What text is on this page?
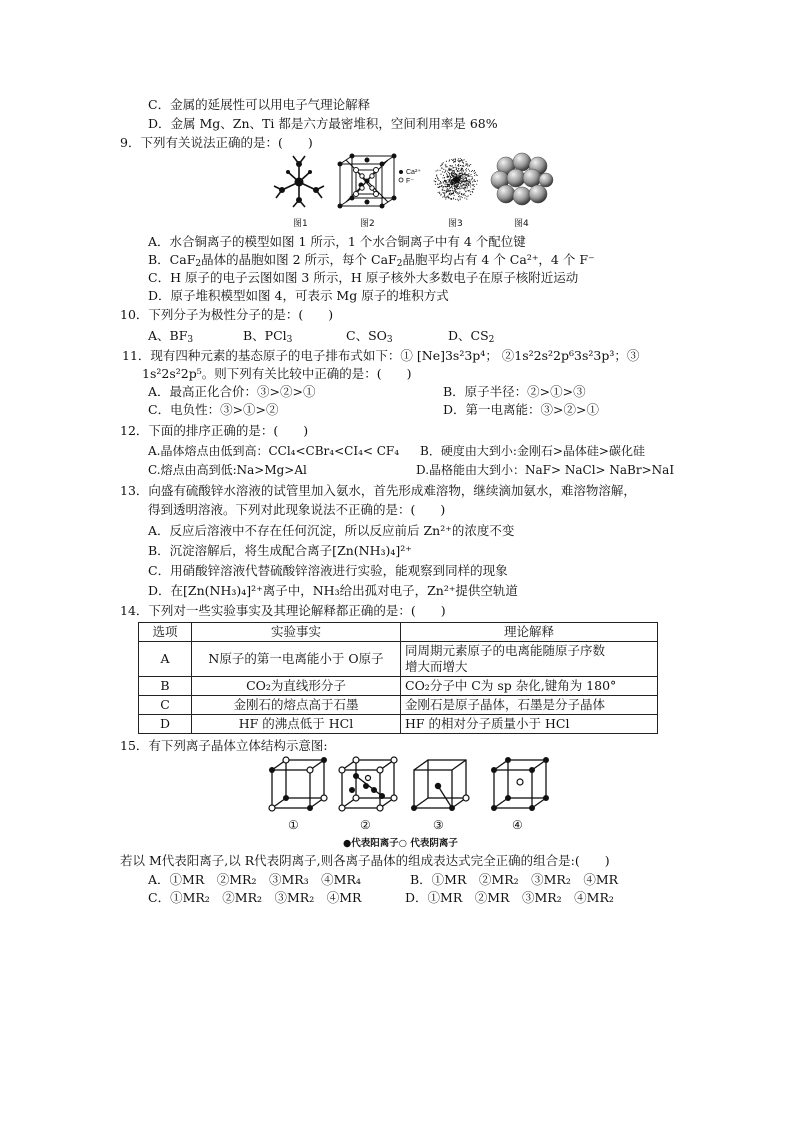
C．金属的延展性可以用电子气理论解释
D．金属 Mg、Zn、Ti 都是六方最密堆积，空间利用率是 68%
9．下列有关说法正确的是：(　　)
Ca²⁺
F⁻
图1	图2	图3	图4
A．水合铜离子的模型如图 1 所示，1 个水合铜离子中有 4 个配位键
B．CaF$_2$晶体的晶胞如图 2 所示，每个 CaF$_2$晶胞平均占有 4 个 Ca²⁺，4 个 F⁻
C．H 原子的电子云图如图 3 所示，H 原子核外大多数电子在原子核附近运动
D．原子堆积模型如图 4，可表示 Mg 原子的堆积方式
10．下列分子为极性分子的是：(　　)
A、$BF_3$	B、PCl$_3$	C、$SO_3$	D、$CS_2$
11．现有四种元素的基态原子的电子排布式如下：① [Ne]3s²3p⁴； ②1s²2s²2p⁶3s²3p³；③
1s²2s²2p⁵。则下列有关比较中正确的是：(　　)
A．最高正化合价：③>②>①	B．原子半径：②>①>③
C．电负性：③>①>②	D．第一电离能：③>②>①
12．下面的排序正确的是：(　　)
A.晶体熔点由低到高：CCl₄<CBr₄<CI₄< CF₄ B．硬度由大到小:金刚石>晶体硅>碳化硅
C.熔点由高到低:Na>Mg>Al	D.晶格能由大到小：NaF> NaCl> NaBr>NaI
13．向盛有硫酸锌水溶液的试管里加入氨水，首先形成难溶物，继续滴加氨水，难溶物溶解，
得到透明溶液。下列对此现象说法不正确的是：(　　)
A．反应后溶液中不存在任何沉淀，所以反应前后 Zn²⁺的浓度不变
B．沉淀溶解后，将生成配合离子[Zn(NH₃)₄]²⁺
C．用硝酸锌溶液代替硫酸锌溶液进行实验，能观察到同样的现象
D．在[Zn(NH₃)₄]²⁺离子中，NH₃给出孤对电子，Zn²⁺提供空轨道
14．下列对一些实验事实及其理论解释都正确的是：(　　)
选项	实验事实	理论解释
A	N原子的第一电离能小于 O原子	同周期元素原子的电离能随原子序数
增大而增大

B	CO₂为直线形分子	CO₂分子中 C为 sp 杂化,键角为 180°
C	金刚石的熔点高于石墨	金刚石是原子晶体，石墨是分子晶体
D	HF 的沸点低于 HCl	HF 的相对分子质量小于 HCl
15．有下列离子晶体立体结构示意图:
①	②	③	④
●代表阳离子○ 代表阴离子
若以 M代表阳离子,以 R代表阴离子,则各离子晶体的组成表达式完全正确的组合是:(　　)
A．①MR　②MR₂　③MR₃　④MR₄	B．①MR　②MR₂　③MR₂　④MR
C．①MR₂　②MR₂　③MR₂　④MR	D．①MR　②MR　③MR₂　④MR₂
